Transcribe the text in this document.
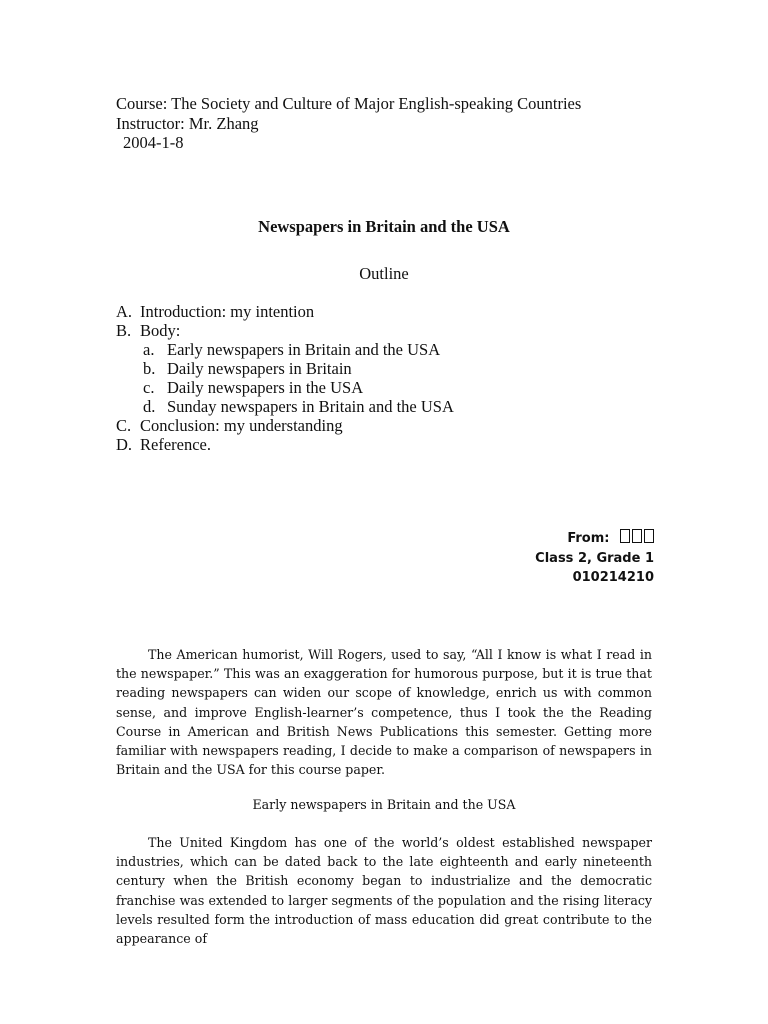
Course: The Society and Culture of Major English-speaking Countries
Instructor: Mr. Zhang
2004-1-8
Newspapers in Britain and the USA
Outline
A. Introduction: my intention
B. Body:
a. Early newspapers in Britain and the USA
b. Daily newspapers in Britain
c. Daily newspapers in the USA
d. Sunday newspapers in Britain and the USA
C. Conclusion: my understanding
D. Reference.
From:
Class 2, Grade 1
010214210

The American humorist, Will Rogers, used to say, “All I know is what I read in the newspaper.” This was an exaggeration for humorous purpose, but it is true that reading newspapers can widen our scope of knowledge, enrich us with common sense, and improve English-learner’s competence, thus I took the the Reading Course in American and British News Publications this semester. Getting more familiar with newspapers reading, I decide to make a comparison of newspapers in Britain and the USA for this course paper.

Early newspapers in Britain and the USA

The United Kingdom has one of the world’s oldest established newspaper industries, which can be dated back to the late eighteenth and early nineteenth century when the British economy began to industrialize and the democratic franchise was extended to larger segments of the population and the rising literacy levels resulted form the introduction of mass education did great contribute to the appearance of
